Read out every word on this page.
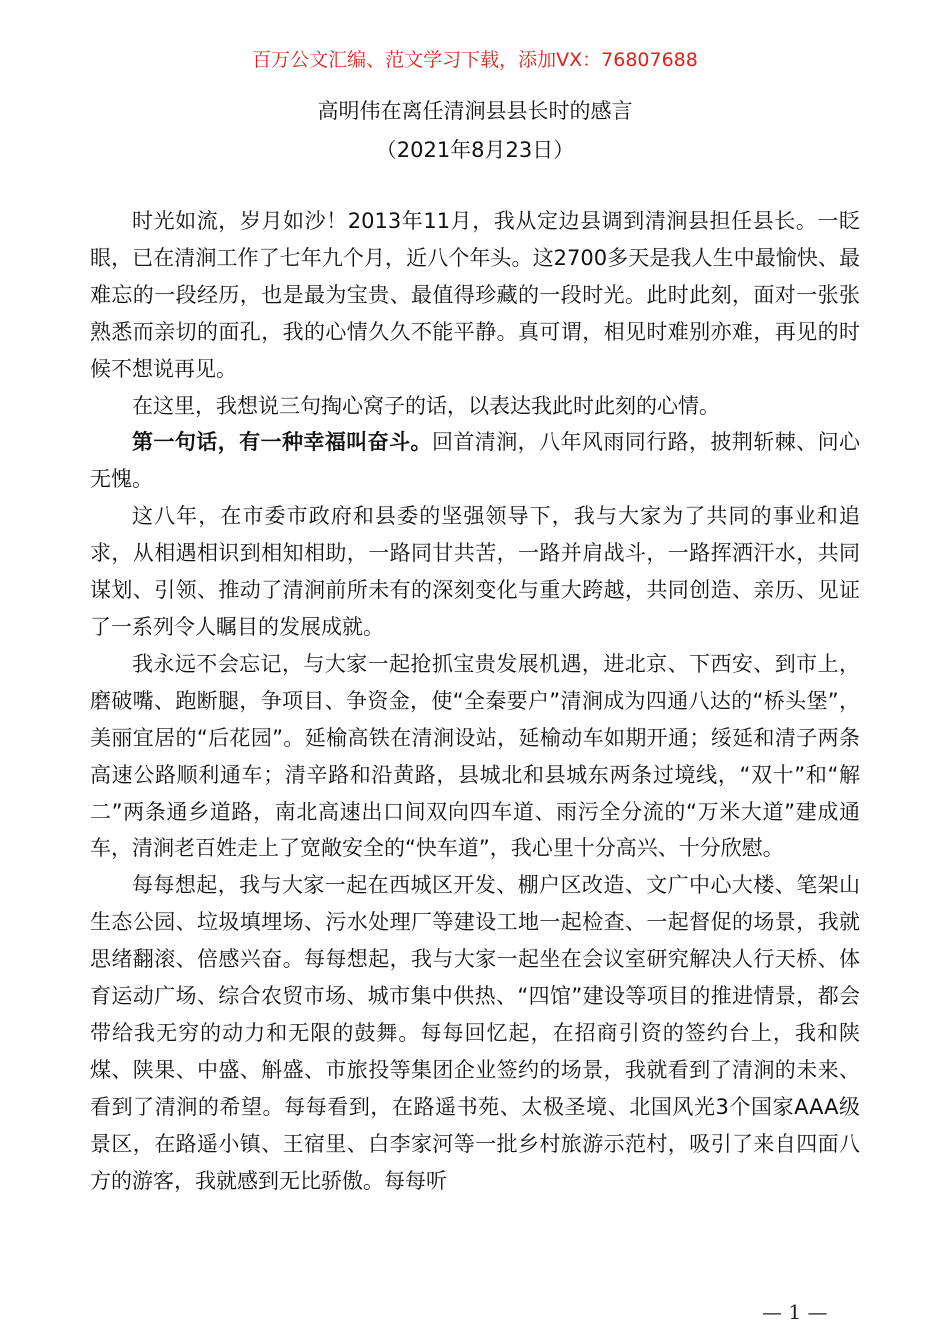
百万公文汇编、范文学习下载，添加VX：76807688
高明伟在离任清涧县县长时的感言
（2021年8月23日）

时光如流，岁月如沙！2013年11月，我从定边县调到清涧县担任县长。一眨眼，已在清涧工作了七年九个月，近八个年头。这2700多天是我人生中最愉快、最难忘的一段经历，也是最为宝贵、最值得珍藏的一段时光。此时此刻，面对一张张熟悉而亲切的面孔，我的心情久久不能平静。真可谓，相见时难别亦难，再见的时候不想说再见。

在这里，我想说三句掏心窝子的话，以表达我此时此刻的心情。

第一句话，有一种幸福叫奋斗。回首清涧，八年风雨同行路，披荆斩棘、问心无愧。

这八年，在市委市政府和县委的坚强领导下，我与大家为了共同的事业和追求，从相遇相识到相知相助，一路同甘共苦，一路并肩战斗，一路挥洒汗水，共同谋划、引领、推动了清涧前所未有的深刻变化与重大跨越，共同创造、亲历、见证了一系列令人瞩目的发展成就。

我永远不会忘记，与大家一起抢抓宝贵发展机遇，进北京、下西安、到市上，磨破嘴、跑断腿，争项目、争资金，使“全秦要户”清涧成为四通八达的“桥头堡”，美丽宜居的“后花园”。延榆高铁在清涧设站，延榆动车如期开通；绥延和清子两条高速公路顺利通车；清辛路和沿黄路，县城北和县城东两条过境线，“双十”和“解二”两条通乡道路，南北高速出口间双向四车道、雨污全分流的“万米大道”建成通车，清涧老百姓走上了宽敞安全的“快车道”，我心里十分高兴、十分欣慰。

每每想起，我与大家一起在西城区开发、棚户区改造、文广中心大楼、笔架山生态公园、垃圾填埋场、污水处理厂等建设工地一起检查、一起督促的场景，我就思绪翻滚、倍感兴奋。每每想起，我与大家一起坐在会议室研究解决人行天桥、体育运动广场、综合农贸市场、城市集中供热、“四馆”建设等项目的推进情景，都会带给我无穷的动力和无限的鼓舞。每每回忆起，在招商引资的签约台上，我和陕煤、陕果、中盛、斛盛、市旅投等集团企业签约的场景，我就看到了清涧的未来、看到了清涧的希望。每每看到，在路遥书苑、太极圣境、北国风光3个国家AAA级景区，在路遥小镇、王宿里、白李家河等一批乡村旅游示范村，吸引了来自四面八方的游客，我就感到无比骄傲。每每听

— 1 —
